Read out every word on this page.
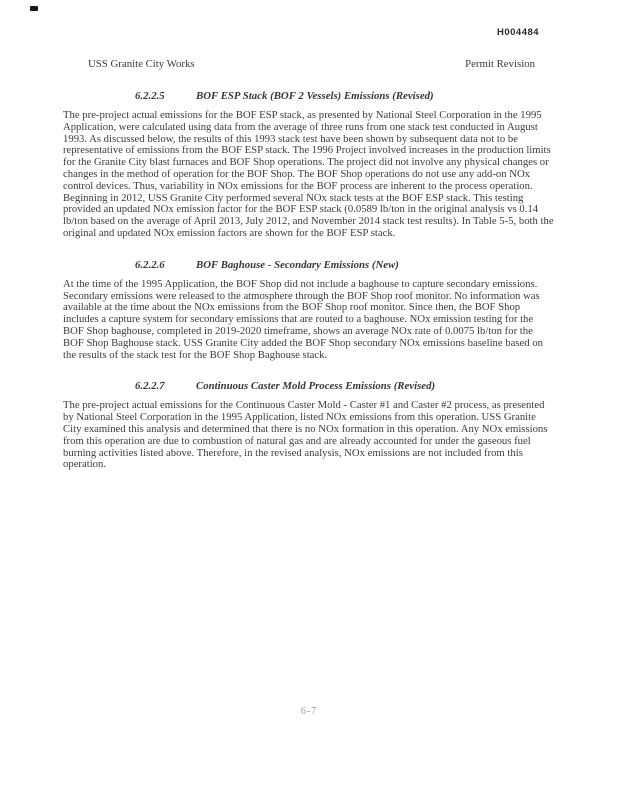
H004484
USS Granite City Works	Permit Revision
6.2.2.5	BOF ESP Stack (BOF 2 Vessels) Emissions (Revised)

The pre-project actual emissions for the BOF ESP stack, as presented by National Steel Corporation in the 1995 Application, were calculated using data from the average of three runs from one stack test conducted in August 1993. As discussed below, the results of this 1993 stack test have been shown by subsequent data not to be representative of emissions from the BOF ESP stack. The 1996 Project involved increases in the production limits for the Granite City blast furnaces and BOF Shop operations. The project did not involve any physical changes or changes in the method of operation for the BOF Shop. The BOF Shop operations do not use any add-on NOx control devices. Thus, variability in NOx emissions for the BOF process are inherent to the process operation. Beginning in 2012, USS Granite City performed several NOx stack tests at the BOF ESP stack. This testing provided an updated NOx emission factor for the BOF ESP stack (0.0589 lb/ton in the original analysis vs 0.14 lb/ton based on the average of April 2013, July 2012, and November 2014 stack test results). In Table 5-5, both the original and updated NOx emission factors are shown for the BOF ESP stack.

6.2.2.6	BOF Baghouse - Secondary Emissions (New)

At the time of the 1995 Application, the BOF Shop did not include a baghouse to capture secondary emissions. Secondary emissions were released to the atmosphere through the BOF Shop roof monitor. No information was available at the time about the NOx emissions from the BOF Shop roof monitor. Since then, the BOF Shop includes a capture system for secondary emissions that are routed to a baghouse. NOx emission testing for the BOF Shop baghouse, completed in 2019-2020 timeframe, shows an average NOx rate of 0.0075 lb/ton for the BOF Shop Baghouse stack. USS Granite City added the BOF Shop secondary NOx emissions baseline based on the results of the stack test for the BOF Shop Baghouse stack.

6.2.2.7	Continuous Caster Mold Process Emissions (Revised)

The pre-project actual emissions for the Continuous Caster Mold - Caster #1 and Caster #2 process, as presented by National Steel Corporation in the 1995 Application, listed NOx emissions from this operation. USS Granite City examined this analysis and determined that there is no NOx formation in this operation. Any NOx emissions from this operation are due to combustion of natural gas and are already accounted for under the gaseous fuel burning activities listed above. Therefore, in the revised analysis, NOx emissions are not included from this operation.

6-7
